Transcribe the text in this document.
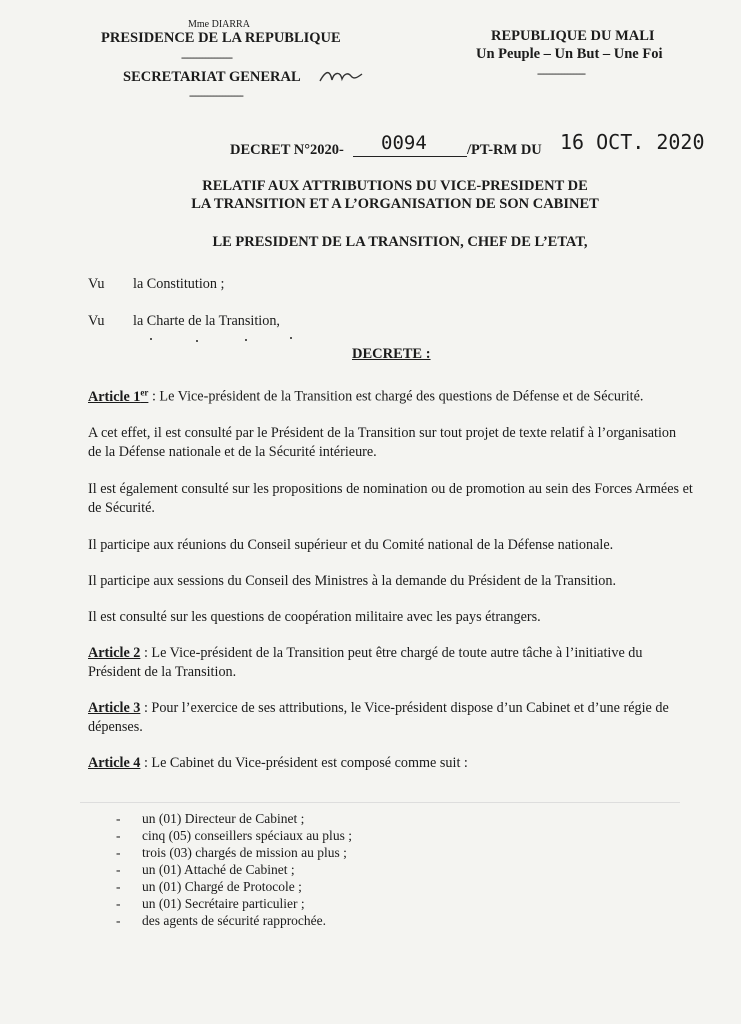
Mme DIARRA
PRESIDENCE DE LA REPUBLIQUE
-----------------
SECRETARIAT GENERAL
------------------
REPUBLIQUE DU MALI
Un Peuple – Un But – Une Foi
----------------
DECRET N°2020- 0094	/PT-RM DU 16 OCT. 2020
RELATIF AUX ATTRIBUTIONS DU VICE-PRESIDENT DE
LA TRANSITION ET A L’ORGANISATION DE SON CABINET
LE PRESIDENT DE LA TRANSITION, CHEF DE L’ETAT,
Vu la Constitution ;
Vu la Charte de la Transition,
DECRETE :

Article 1er : Le Vice-président de la Transition est chargé des questions de Défense et de Sécurité.

A cet effet, il est consulté par le Président de la Transition sur tout projet de texte relatif à l’organisation de la Défense nationale et de la Sécurité intérieure.

Il est également consulté sur les propositions de nomination ou de promotion au sein des Forces Armées et de Sécurité.

Il participe aux réunions du Conseil supérieur et du Comité national de la Défense nationale.

Il participe aux sessions du Conseil des Ministres à la demande du Président de la Transition.

Il est consulté sur les questions de coopération militaire avec les pays étrangers.

Article 2 : Le Vice-président de la Transition peut être chargé de toute autre tâche à l’initiative du Président de la Transition.

Article 3 : Pour l’exercice de ses attributions, le Vice-président dispose d’un Cabinet et d’une régie de dépenses.

Article 4 : Le Cabinet du Vice-président est composé comme suit :

- un (01) Directeur de Cabinet ;
- cinq (05) conseillers spéciaux au plus ;
- trois (03) chargés de mission au plus ;
- un (01) Attaché de Cabinet ;
- un (01) Chargé de Protocole ;
- un (01) Secrétaire particulier ;
- des agents de sécurité rapprochée.
